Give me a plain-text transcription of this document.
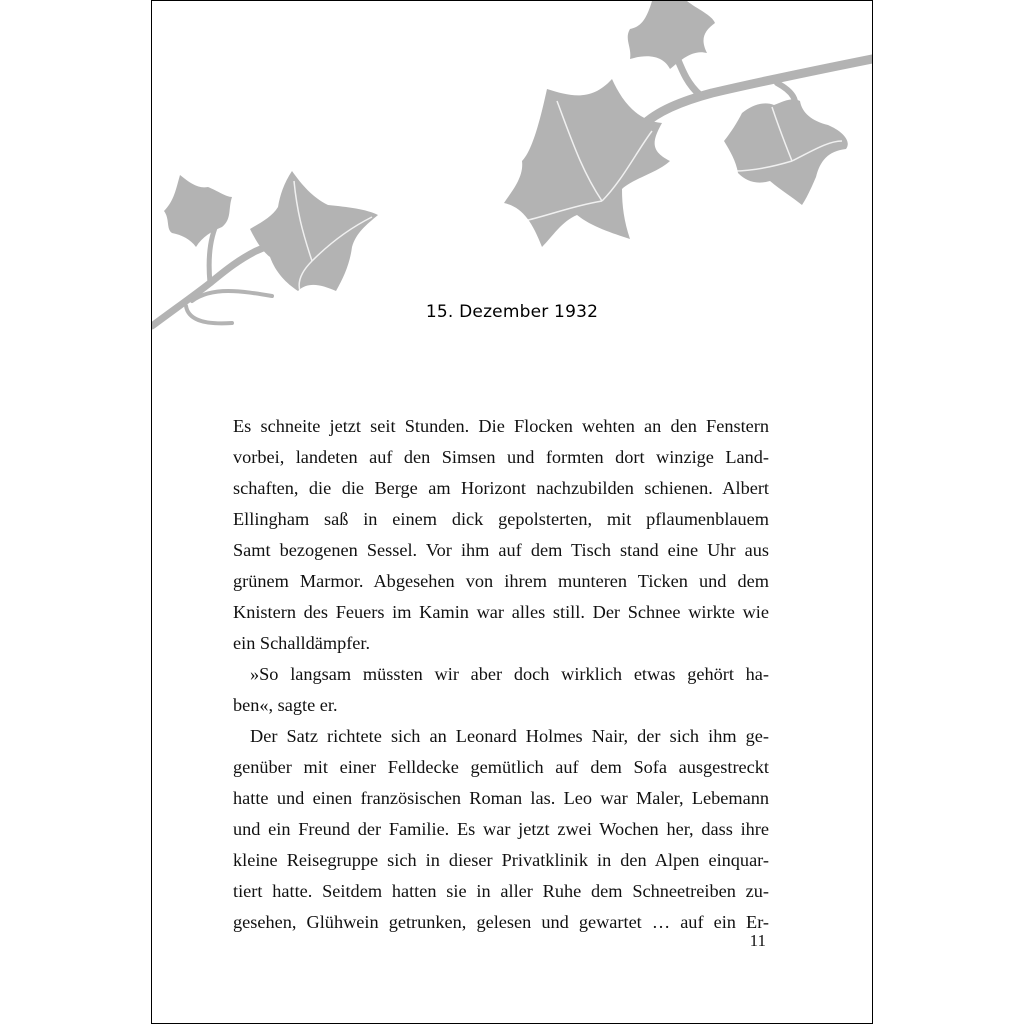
15. Dezember 1932

Es schneite jetzt seit Stunden. Die Flocken wehten an den Fenstern
vorbei, landeten auf den Simsen und formten dort winzige Land-
schaften, die die Berge am Horizont nachzubilden schienen. Albert
Ellingham saß in einem dick gepolsterten, mit pflaumenblauem
Samt bezogenen Sessel. Vor ihm auf dem Tisch stand eine Uhr aus
grünem Marmor. Abgesehen von ihrem munteren Ticken und dem
Knistern des Feuers im Kamin war alles still. Der Schnee wirkte wie
ein Schalldämpfer.

»So langsam müssten wir aber doch wirklich etwas gehört ha-
ben«, sagte er.

Der Satz richtete sich an Leonard Holmes Nair, der sich ihm ge-
genüber mit einer Felldecke gemütlich auf dem Sofa ausgestreckt
hatte und einen französischen Roman las. Leo war Maler, Lebemann
und ein Freund der Familie. Es war jetzt zwei Wochen her, dass ihre
kleine Reisegruppe sich in dieser Privatklinik in den Alpen einquar-
tiert hatte. Seitdem hatten sie in aller Ruhe dem Schneetreiben zu-
gesehen, Glühwein getrunken, gelesen und gewartet … auf ein Er-

11
